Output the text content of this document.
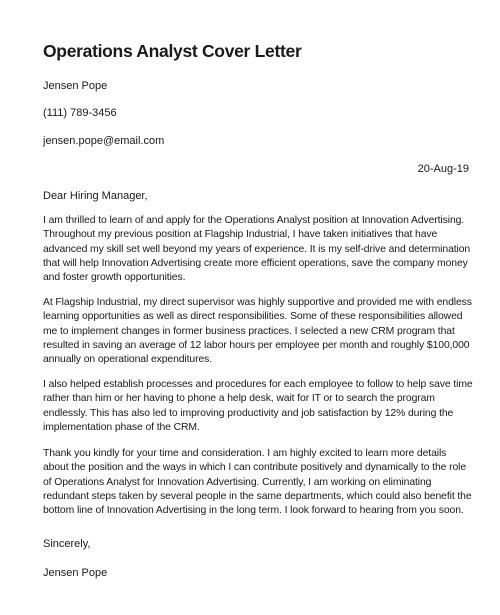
Operations Analyst Cover Letter
Jensen Pope
(111) 789-3456
jensen.pope@email.com
20-Aug-19
Dear Hiring Manager,
I am thrilled to learn of and apply for the Operations Analyst position at Innovation Advertising.
Throughout my previous position at Flagship Industrial, I have taken initiatives that have
advanced my skill set well beyond my years of experience. It is my self-drive and determination
that will help Innovation Advertising create more efficient operations, save the company money
and foster growth opportunities.
At Flagship Industrial, my direct supervisor was highly supportive and provided me with endless
learning opportunities as well as direct responsibilities. Some of these responsibilities allowed
me to implement changes in former business practices. I selected a new CRM program that
resulted in saving an average of 12 labor hours per employee per month and roughly $100,000
annually on operational expenditures.
I also helped establish processes and procedures for each employee to follow to help save time
rather than him or her having to phone a help desk, wait for IT or to search the program
endlessly. This has also led to improving productivity and job satisfaction by 12% during the
implementation phase of the CRM.
Thank you kindly for your time and consideration. I am highly excited to learn more details
about the position and the ways in which I can contribute positively and dynamically to the role
of Operations Analyst for Innovation Advertising. Currently, I am working on eliminating
redundant steps taken by several people in the same departments, which could also benefit the
bottom line of Innovation Advertising in the long term. I look forward to hearing from you soon.
Sincerely,
Jensen Pope
